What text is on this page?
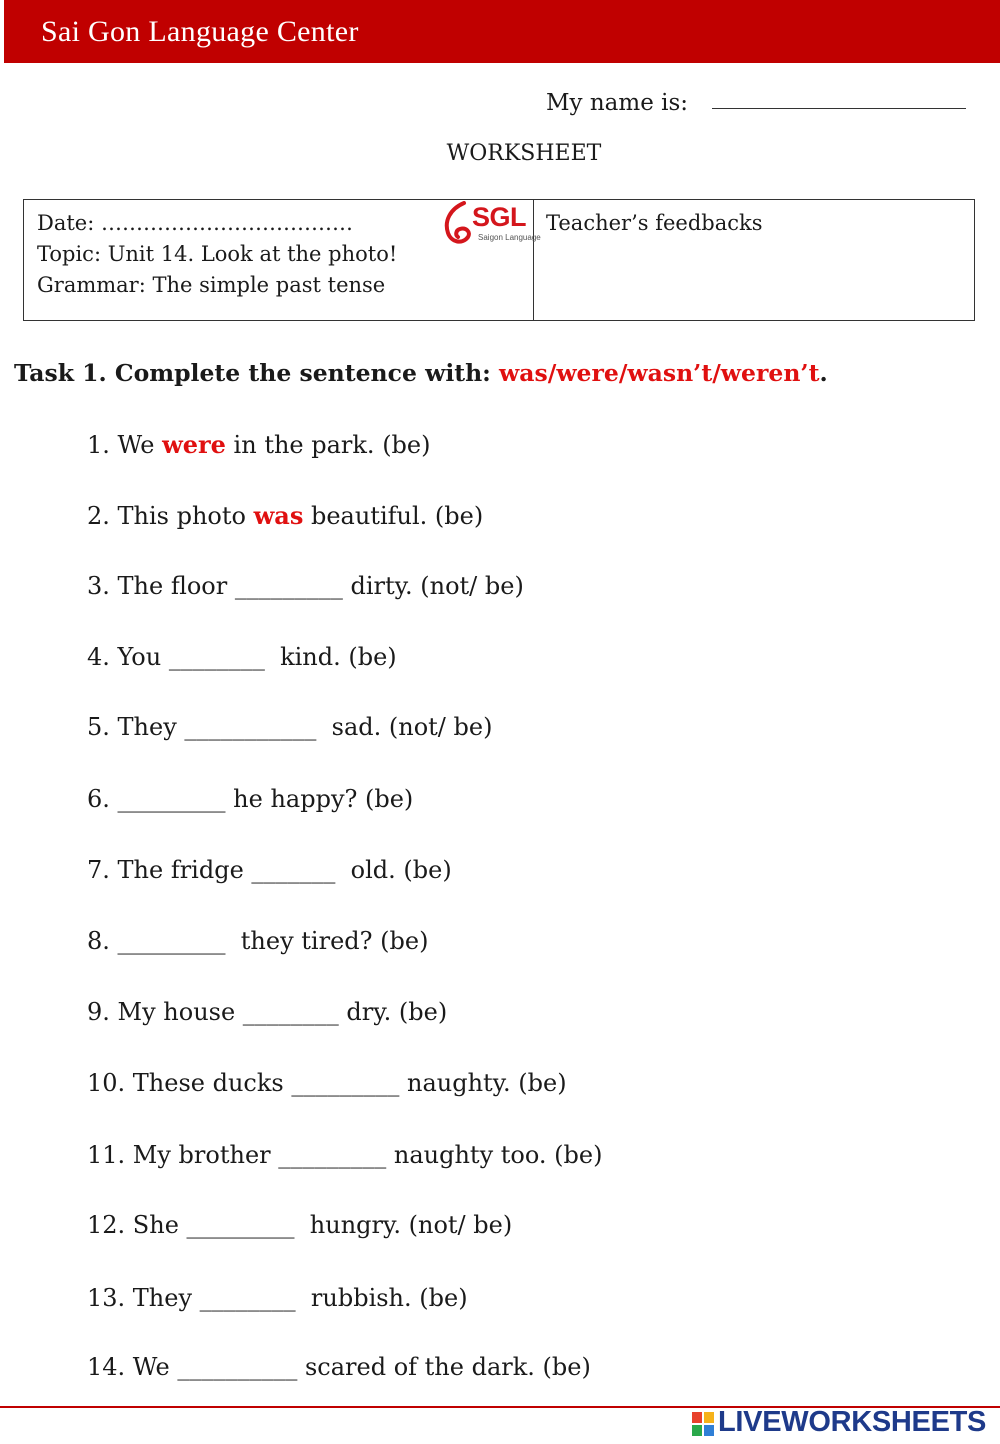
Sai Gon Language Center
My name is:
WORKSHEET
Date: ………………………………
Topic: Unit 14. Look at the photo!
Grammar: The simple past tense
Teacher’s feedbacks
SGL
Saigon Language
Task 1. Complete the sentence with: was/were/wasn’t/weren’t.
1. We were in the park. (be)
2. This photo was beautiful. (be)
3. The floor _________ dirty. (not/ be)
4. You ________  kind. (be)
5. They ___________  sad. (not/ be)
6. _________ he happy? (be)
7. The fridge _______  old. (be)
8. _________  they tired? (be)
9. My house ________ dry. (be)
10. These ducks _________ naughty. (be)
11. My brother _________ naughty too. (be)
12. She _________  hungry. (not/ be)
13. They ________  rubbish. (be)
14. We __________ scared of the dark. (be)
LIVEWORKSHEETS
